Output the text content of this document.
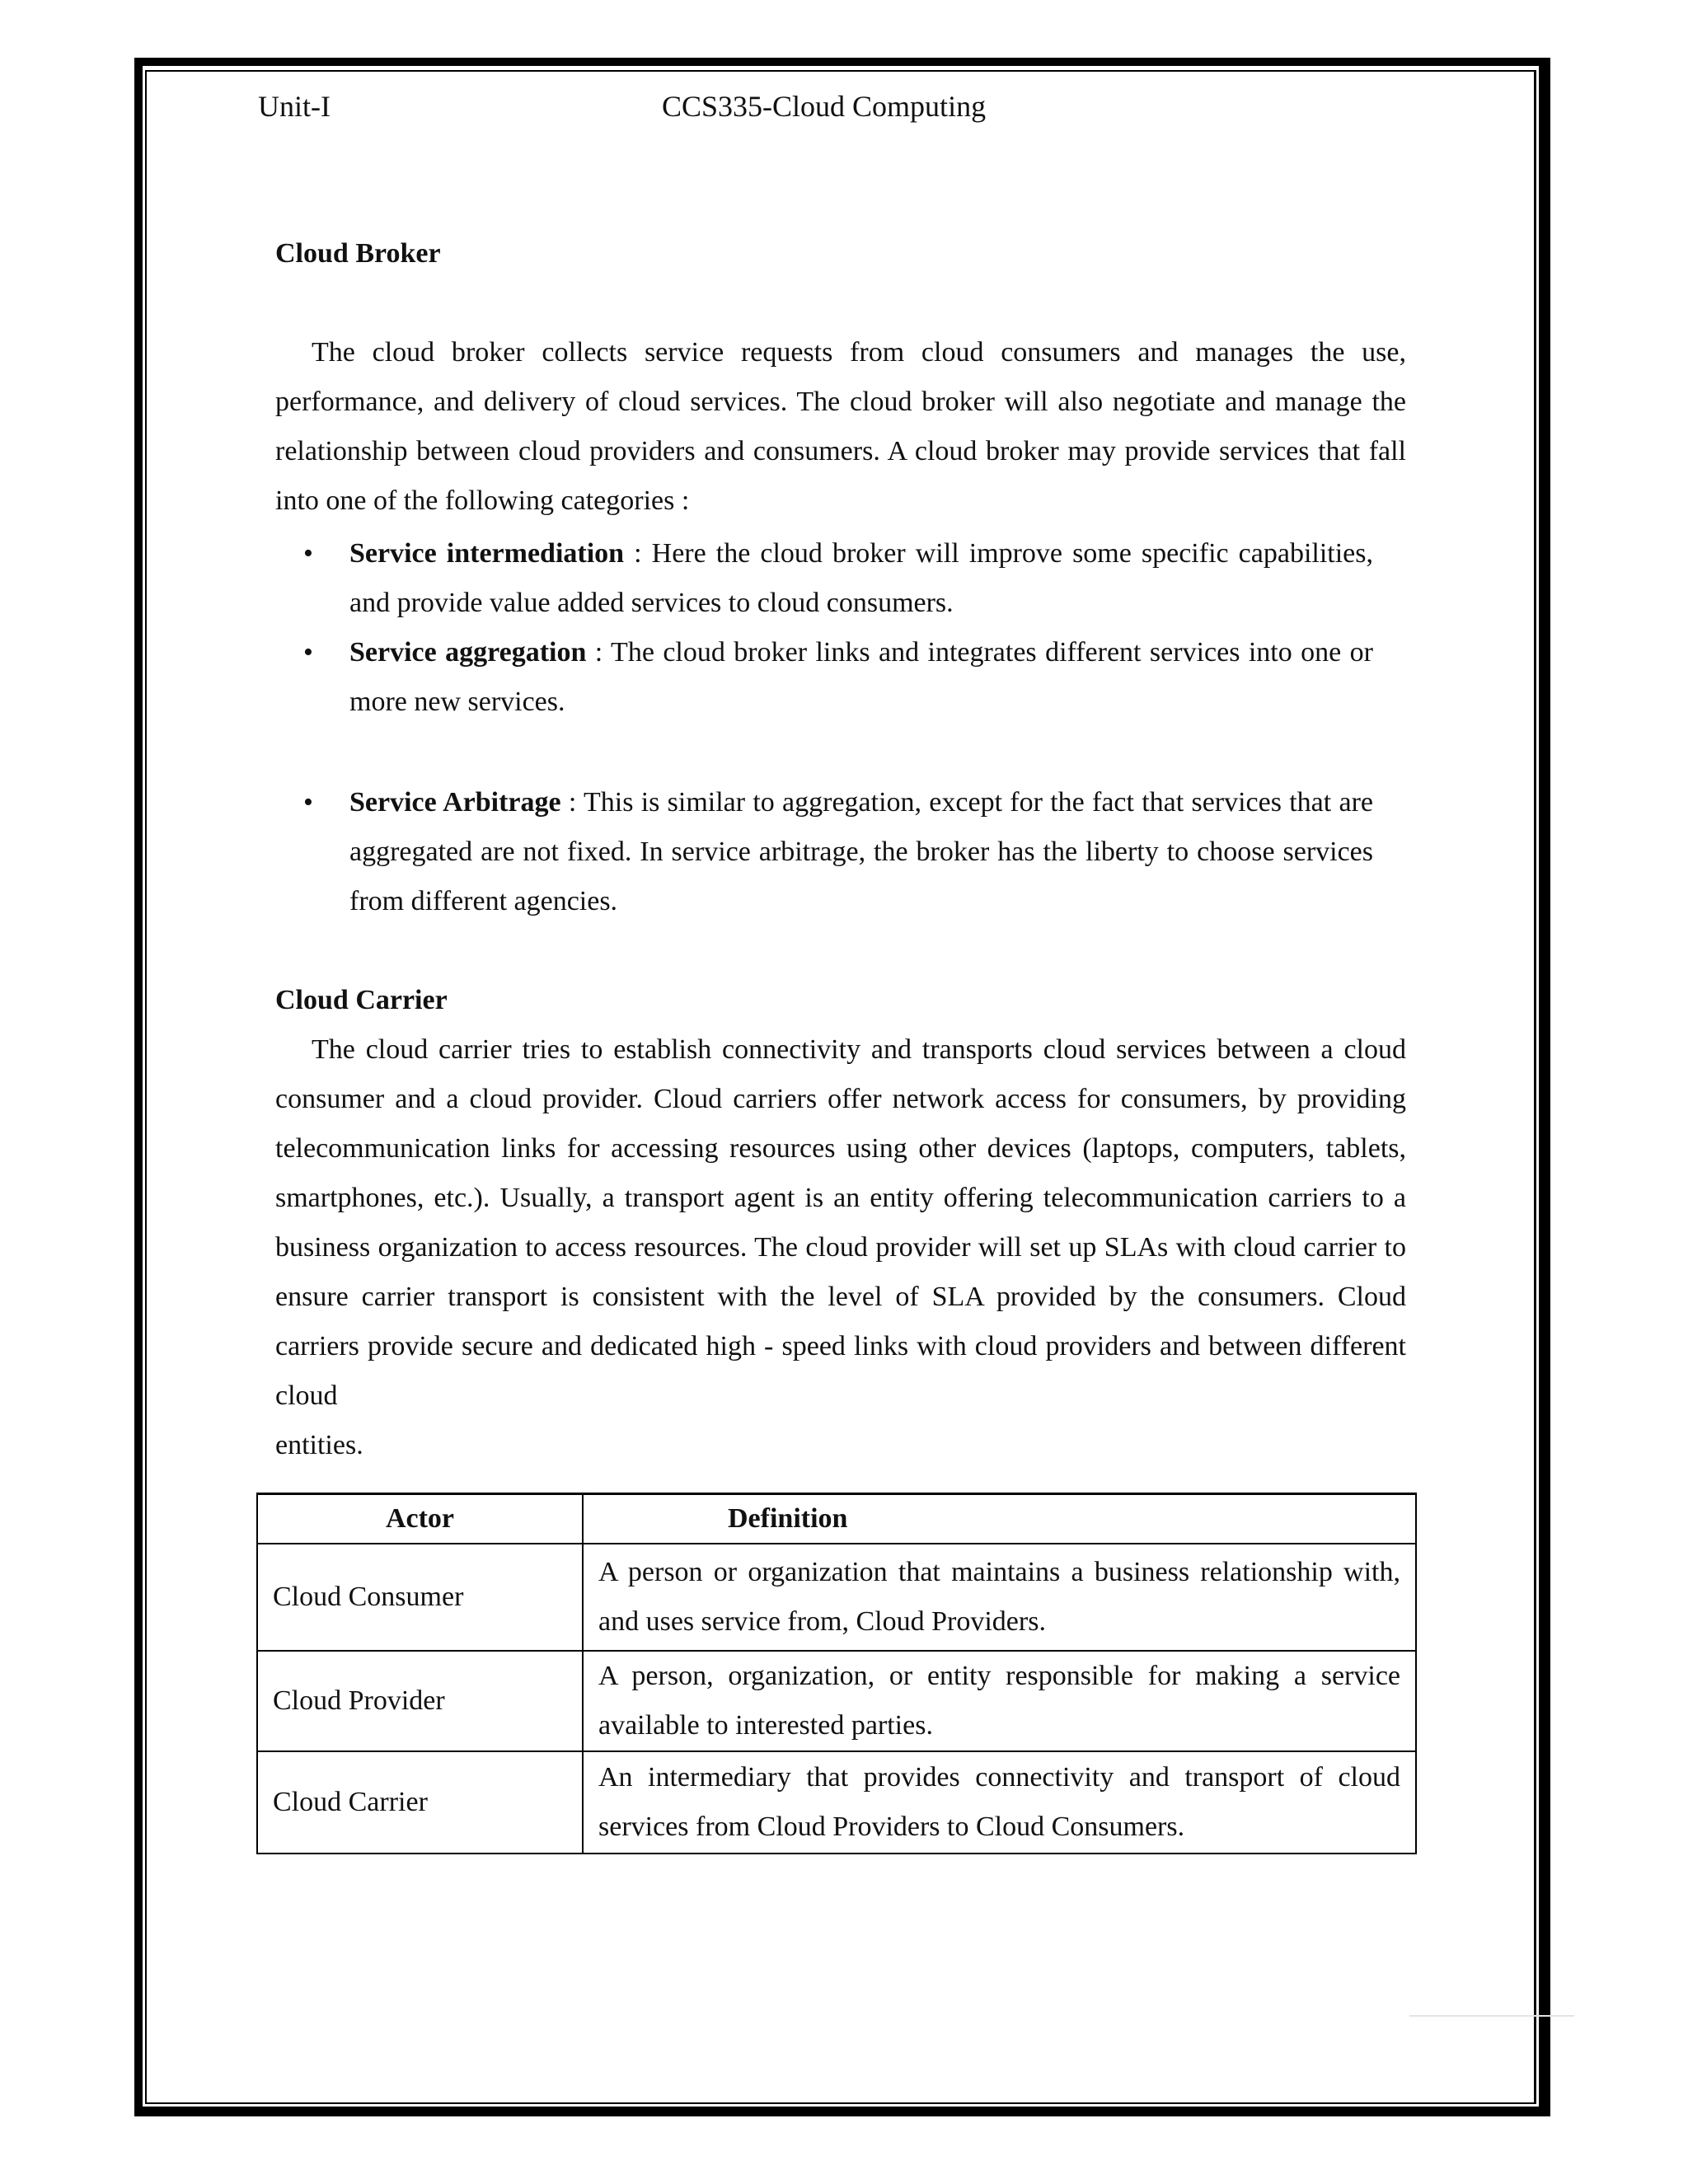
Unit-I	CCS335-Cloud Computing

Cloud Broker

The cloud broker collects service requests from cloud consumers and manages the use, performance, and delivery of cloud services. The cloud broker will also negotiate and manage the relationship between cloud providers and consumers. A cloud broker may provide services that fall into one of the following categories :

• Service intermediation : Here the cloud broker will improve some specific capabilities, and provide value added services to cloud consumers.
• Service aggregation : The cloud broker links and integrates different services into one or more new services.
• Service Arbitrage : This is similar to aggregation, except for the fact that services that are aggregated are not fixed. In service arbitrage, the broker has the liberty to choose services from different agencies.

Cloud Carrier

The cloud carrier tries to establish connectivity and transports cloud services between a cloud consumer and a cloud provider. Cloud carriers offer network access for consumers, by providing telecommunication links for accessing resources using other devices (laptops, computers, tablets, smartphones, etc.). Usually, a transport agent is an entity offering telecommunication carriers to a business organization to access resources. The cloud provider will set up SLAs with cloud carrier to ensure carrier transport is consistent with the level of SLA provided by the consumers. Cloud carriers provide secure and dedicated high - speed links with cloud providers and between different cloud

entities.

Actor	Definition
Cloud Consumer	A person or organization that maintains a business relationship with, and uses service from, Cloud Providers.
Cloud Provider	A person, organization, or entity responsible for making a service available to interested parties.
Cloud Carrier	An intermediary that provides connectivity and transport of cloud services from Cloud Providers to Cloud Consumers.
